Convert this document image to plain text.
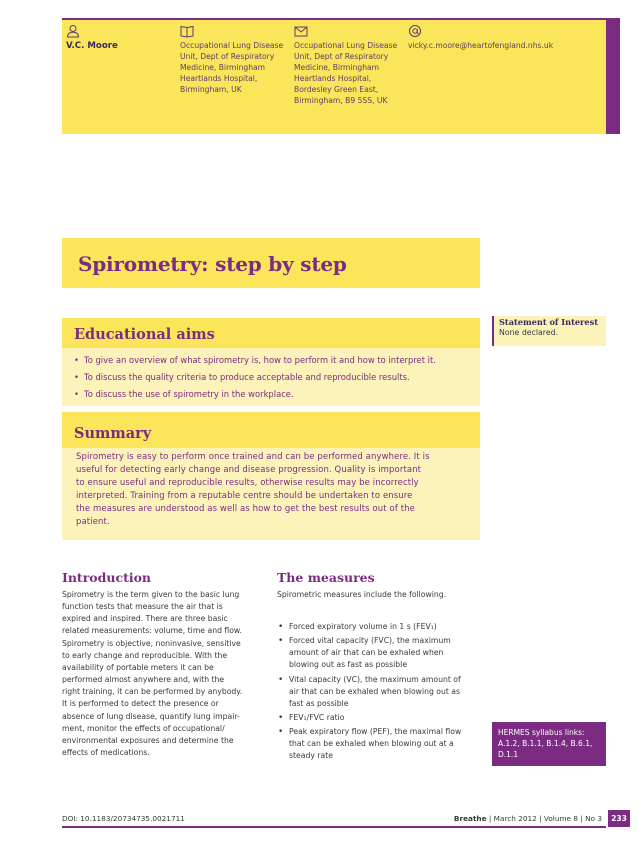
V.C. Moore	Occupational Lung Disease
Unit, Dept of Respiratory
Medicine, Birmingham
Heartlands Hospital,
Birmingham, UK
Occupational Lung Disease
Unit, Dept of Respiratory
Medicine, Birmingham
Heartlands Hospital,
Bordesley Green East,
Birmingham, B9 5SS, UK
vicky.c.moore@heartofengland.nhs.uk
Spirometry: step by step
Statement of Interest
None declared.
Educational aims
• To give an overview of what spirometry is, how to perform it and how to interpret it.
• To discuss the quality criteria to produce acceptable and reproducible results.
• To discuss the use of spirometry in the workplace.
Summary
Spirometry is easy to perform once trained and can be performed anywhere. It is
useful for detecting early change and disease progression. Quality is important
to ensure useful and reproducible results, otherwise results may be incorrectly
interpreted. Training from a reputable centre should be undertaken to ensure
the measures are understood as well as how to get the best results out of the
patient.
Introduction
Spirometry is the term given to the basic lung
function tests that measure the air that is
expired and inspired. There are three basic
related measurements: volume, time and flow.
Spirometry is objective, noninvasive, sensitive
to early change and reproducible. With the
availability of portable meters it can be
performed almost anywhere and, with the
right training, it can be performed by anybody.
It is performed to detect the presence or
absence of lung disease, quantify lung impair-
ment, monitor the effects of occupational/
environmental exposures and determine the
effects of medications.
The measures

Spirometric measures include the following.

• Forced expiratory volume in 1 s (FEV₁)
• Forced vital capacity (FVC), the maximum
amount of air that can be exhaled when
blowing out as fast as possible
• Vital capacity (VC), the maximum amount of
air that can be exhaled when blowing out as
fast as possible
• FEV₁/FVC ratio
• Peak expiratory flow (PEF), the maximal flow
that can be exhaled when blowing out at a
steady rate
HERMES syllabus links:
A.1.2, B.1.1, B.1.4, B.6.1,
D.1.1
DOI: 10.1183/20734735.0021711	Breathe | March 2012 | Volume 8 | No 3	233
